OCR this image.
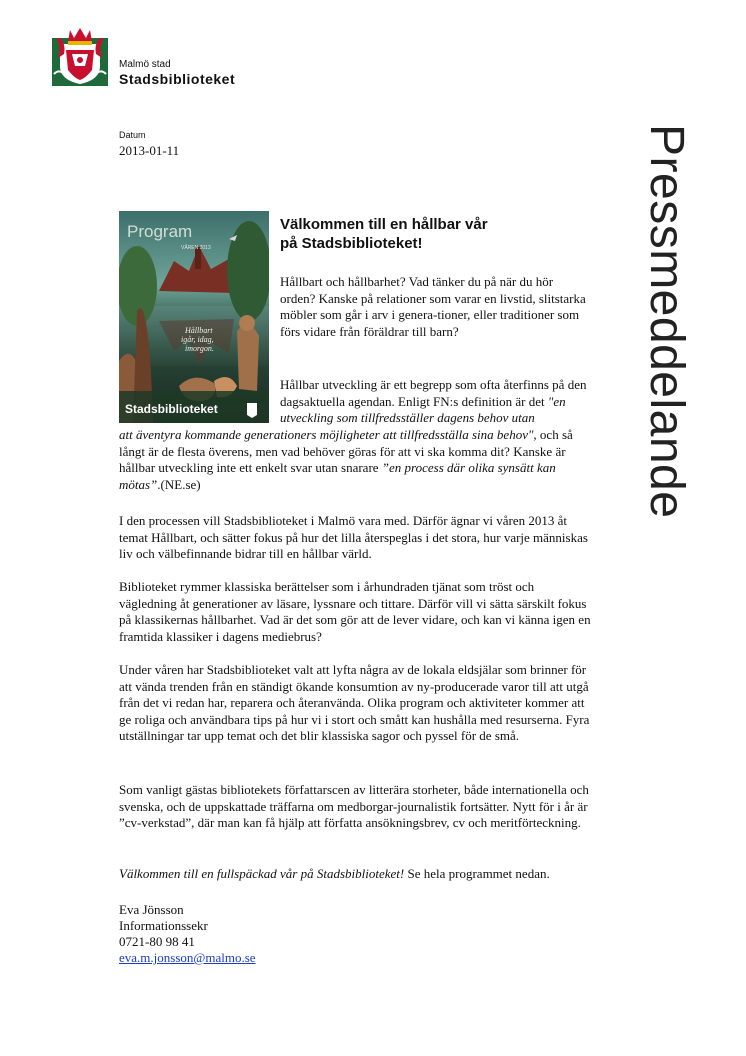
Malmö stad
Stadsbiblioteket
Datum
2013-01-11	Pressmeddelande
Program
VÅREN 2013
Hållbart
igår, idag,
imorgon.
Stadsbiblioteket
Välkommen till en hållbar vår
på Stadsbiblioteket!

Hållbart och hållbarhet? Vad tänker du på när du hör orden? Kanske på relationer som varar en livstid, slitstarka möbler som går i arv i genera-tioner, eller traditioner som förs vidare från föräldrar till barn?

Hållbar utveckling är ett begrepp som ofta återfinns på den dagsaktuella agendan. Enligt FN:s definition är det "en utveckling som tillfredsställer dagens behov utan

att äventyra kommande generationers möjligheter att tillfredsställa sina behov", och så långt är de flesta överens, men vad behöver göras för att vi ska komma dit? Kanske är hållbar utveckling inte ett enkelt svar utan snarare ”en process där olika synsätt kan mötas”.(NE.se)

I den processen vill Stadsbiblioteket i Malmö vara med. Därför ägnar vi våren 2013 åt temat Hållbart, och sätter fokus på hur det lilla återspeglas i det stora, hur varje människas liv och välbefinnande bidrar till en hållbar värld.

Biblioteket rymmer klassiska berättelser som i århundraden tjänat som tröst och vägledning åt generationer av läsare, lyssnare och tittare. Därför vill vi sätta särskilt fokus på klassikernas hållbarhet. Vad är det som gör att de lever vidare, och kan vi känna igen en framtida klassiker i dagens mediebrus?

Under våren har Stadsbiblioteket valt att lyfta några av de lokala eldsjälar som brinner för att vända trenden från en ständigt ökande konsumtion av ny-producerade varor till att utgå från det vi redan har, reparera och återanvända. Olika program och aktiviteter kommer att ge roliga och användbara tips på hur vi i stort och smått kan hushålla med resurserna. Fyra utställningar tar upp temat och det blir klassiska sagor och pyssel för de små.

Som vanligt gästas bibliotekets författarscen av litterära storheter, både internationella och svenska, och de uppskattade träffarna om medborgar-journalistik fortsätter. Nytt för i år är ”cv-verkstad”, där man kan få hjälp att författa ansökningsbrev, cv och meritförteckning.

Välkommen till en fullspäckad vår på Stadsbiblioteket! Se hela programmet nedan.

Eva Jönsson
Informationssekr
0721-80 98 41
eva.m.jonsson@malmo.se
